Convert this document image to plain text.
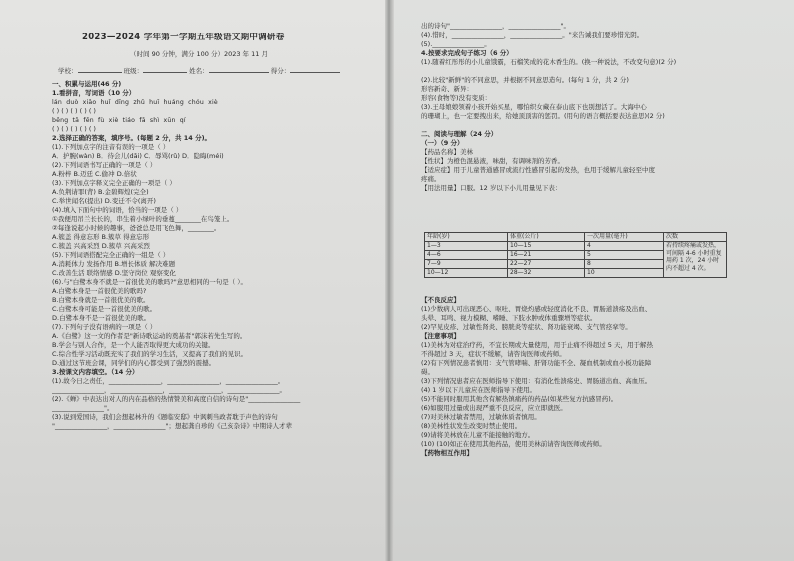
2023—2024 学年第一学期五年级语文期中调研卷
（时间 90 分钟，满分 100 分）2023 年 11 月
学校：	班级：	姓名：	得分：
一、积累与运用(46 分)
1.看拼音，写词语（10 分）
lán duò xiāo huǐ dīng zhǔ huī huáng chóu xiè
( ) ( ) ( ) ( ) ( )
bēng tā fēn fù xiè tiáo fā shì xūn qí
( ) ( ) ( ) ( ) ( )
2.选择正确的答案，填序号。(每题 2 分，共 14 分)。
(1).下列加点字的注音有误的一项是（ ）
A．护腕(wàn) B．待会儿(dāi) C．辱骂(rǔ) D．隐晦(méi)
(2).下列词语书写正确的一项是（ ）
A.粉梓 B.迈廷 C.偷冲 D.倍状
(3).下列加点字释义完全正确的一项是（ ）
A.负荆请罪(背) B.金碧辉煌(完全)
C.举世闻名(提出) D.变迁不令(离开)
(4).填入下面句中的词语，恰当的一项是（ ）
①我便用吊兰长长的，串生着小绿叶的垂蔓________在鸟笼上。
②每逢说起小时候的趣事，爸爸总是用飞色舞，________。
A.簇盖 得意忘形 B.簇草 得意忘形
C.簇盖 兴高采烈 D.簇草 兴高采烈
(5).下列词语搭配完全正确的一组是（ ）
A.消耗体力 发扬作用 B.增长体质 解决难题
C.改善生活 联络情感 D.坚守岗位 观察变化
(6).与"白鹭本身不就是一首很优美的歌吗?"意思相同的一句是（ ）。
A.白鹭本身是一首很优美的歌吗?
B.白鹭本身就是一首很优美的歌。
C.白鹭本身可能是一首很优美的歌。
D.白鹭本身不是一首很优美的歌。
(7).下列句子没有语病的一项是（ ）
A.《白鹭》这一文的作者是"新诗歌运动的奠基者"郭沫若先生写的。
B.学会与别人合作，是一个人能否取得更大成功的关键。
C.综合性学习活动既充实了我们的学习生活，又提高了我们的见识。
D.通过这节班会课，同学们的内心都受到了强烈的震撼。
3.按课文内容填空。（14 分）
(1).故今日之责任，________________，________________，________________。
________________，________________，________________，________________。
(2).《蝉》中表达出对人的内在品格的热情赞美和高度自信的诗句是"________________
________________"。
(3).说到爱国诗，我们会想起林升的《题临安邸》中讽刺当政者耽于声色的诗句
"________________，________________"；想起龚自珍的《己亥杂诗》中期诗人才辈
出的诗句"________________，________________"。
(4).惜时，________________，________________。"来告诫我们要珍惜光阴。
(5).________________。
4.按要求完成句子练习（6 分）
(1).随着红彤彤的小儿童饿霸，石榴笑成的花木香生的。(换一种说法，不改变句意)(2 分)
(2).比较"新鲜"的不同意思，并根据不同意思造句。(每句 1 分，共 2 分)
形容新奇、新异：
形容(食物等)没有变质：
(3).王母娘娘领着小孩开始买星，哪怕织女藏在泰山底下也别想活了。大海中心
的珊瑚上，也一定要拽出来，给她顶顶害的惩罚。(用句的语言概括要表达意思)(2 分)
二、阅读与理解（24 分）
（一）（9 分）
【药品名称】美林
【性状】为橙色混悬液，味甜，有调味剂的芳香。
【适应症】用于儿童普通感冒或流行性感冒引起的发热，也用于缓解儿童轻至中度
疼痛。
【用法用量】口服。12 岁以下小儿用量见下表：
年龄(岁)	体重(公斤)	一次用量(毫升)	次数
1—3	10—15	4	若持续疼痛或发热，可间隔 4-6 小时重复用药 1 次，24 小时内不超过 4 次。
4—6	16—21	5	
7—9	22—27	8	
10—12	28—32	10	
【不良反应】
(1)少数病人可出现恶心、呕吐、胃烧灼感或轻度消化不良、胃肠道溃疡及出血、
头晕、耳鸣、视力模糊、嗜睡、下肢水肿或体重骤增等症状。
(2)罕见皮疹、过敏性肾炎、膀胱炎等症状、肾功能衰竭、支气管痉挛等。
【注意事项】
(1)美林为对症治疗药，不宜长期或大量使用，用于止痛不得超过 5 天，用于解热
不得超过 3 天，症状不缓解，请咨询医师或药师。
(2)有下列情况患者慎用：支气管哮喘、肝肾功能不全、凝血机制或血小板功能障
碍。
(3)下列情况患者应在医师指导下使用：有消化性溃疡史、胃肠道出血、高血压。
(4) 1 岁以下儿童应在医师指导下使用。
(5)不能同时服用其他含有解热镇痛药的药品(如某些复方抗感冒药)。
(6)如服用过量或出现严重不良反应，应立即就医。
(7)对美林过敏者禁用，过敏体质者慎用。
(8)美林性状发生改变时禁止使用。
(9)请将美林放在儿童不能接触的地方。
(10) (10)如正在使用其他药品，使用美林前请咨询医师或药师。
【药物相互作用】
